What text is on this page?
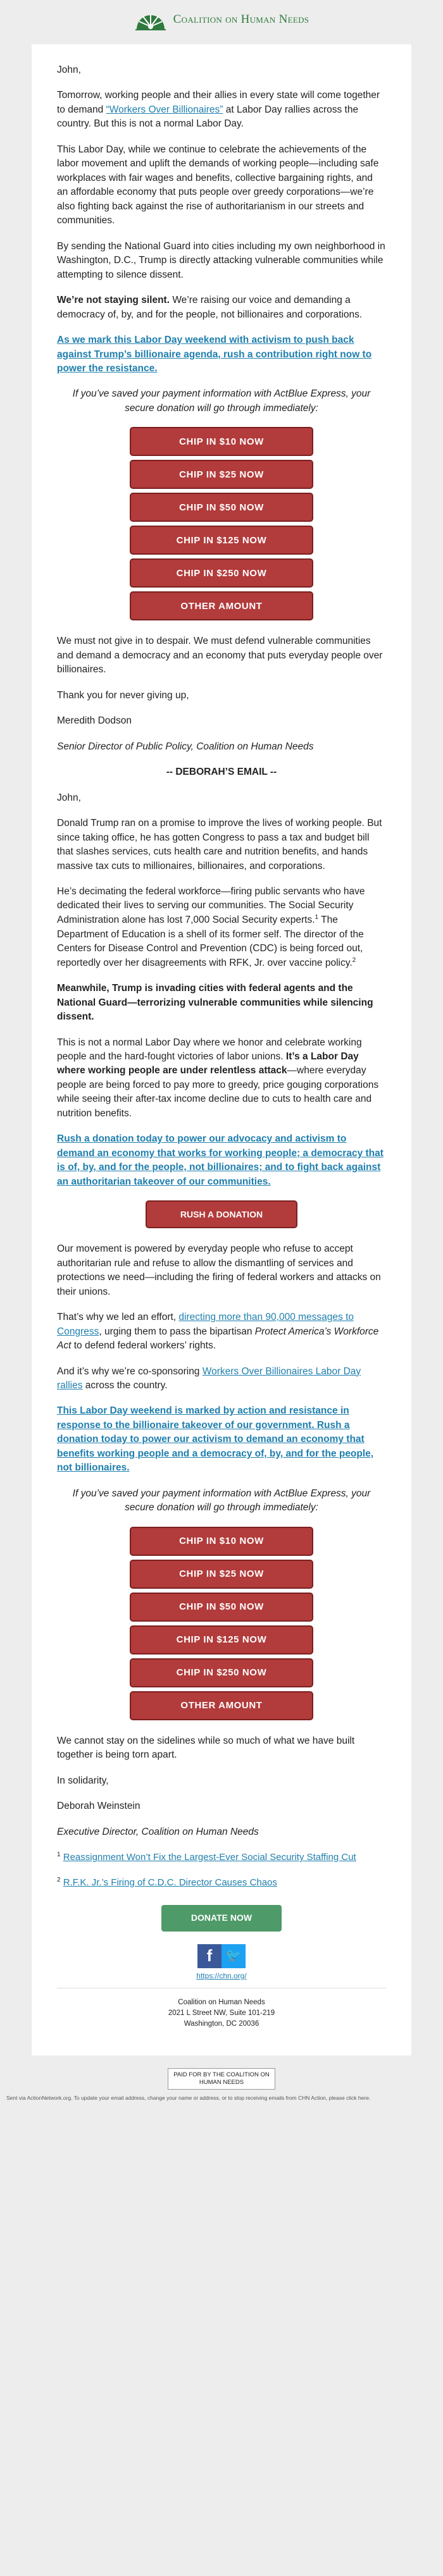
Coalition on Human Needs

John,

Tomorrow, working people and their allies in every state will come together to demand “Workers Over Billionaires” at Labor Day rallies across the country. But this is not a normal Labor Day.

This Labor Day, while we continue to celebrate the achievements of the labor movement and uplift the demands of working people—including safe workplaces with fair wages and benefits, collective bargaining rights, and an affordable economy that puts people over greedy corporations—we’re also fighting back against the rise of authoritarianism in our streets and communities.

By sending the National Guard into cities including my own neighborhood in Washington, D.C., Trump is directly attacking vulnerable communities while attempting to silence dissent.

We’re not staying silent. We’re raising our voice and demanding a democracy of, by, and for the people, not billionaires and corporations.

As we mark this Labor Day weekend with activism to push back against Trump’s billionaire agenda, rush a contribution right now to power the resistance.

If you’ve saved your payment information with ActBlue Express, your secure donation will go through immediately:

CHIP IN $10 NOW
CHIP IN $25 NOW
CHIP IN $50 NOW
CHIP IN $125 NOW
CHIP IN $250 NOW
OTHER AMOUNT

We must not give in to despair. We must defend vulnerable communities and demand a democracy and an economy that puts everyday people over billionaires.

Thank you for never giving up,

Meredith Dodson

Senior Director of Public Policy, Coalition on Human Needs

-- DEBORAH’S EMAIL --

John,

Donald Trump ran on a promise to improve the lives of working people. But since taking office, he has gotten Congress to pass a tax and budget bill that slashes services, cuts health care and nutrition benefits, and hands massive tax cuts to millionaires, billionaires, and corporations.

He’s decimating the federal workforce—firing public servants who have dedicated their lives to serving our communities. The Social Security Administration alone has lost 7,000 Social Security experts.$^1$ The Department of Education is a shell of its former self. The director of the Centers for Disease Control and Prevention (CDC) is being forced out, reportedly over her disagreements with RFK, Jr. over vaccine policy.$^2$

Meanwhile, Trump is invading cities with federal agents and the National Guard—terrorizing vulnerable communities while silencing dissent.

This is not a normal Labor Day where we honor and celebrate working people and the hard-fought victories of labor unions. It’s a Labor Day where working people are under relentless attack—where everyday people are being forced to pay more to greedy, price gouging corporations while seeing their after-tax income decline due to cuts to health care and nutrition benefits.

Rush a donation today to power our advocacy and activism to demand an economy that works for working people; a democracy that is of, by, and for the people, not billionaires; and to fight back against an authoritarian takeover of our communities.

RUSH A DONATION

Our movement is powered by everyday people who refuse to accept authoritarian rule and refuse to allow the dismantling of services and protections we need—including the firing of federal workers and attacks on their unions.

That’s why we led an effort, directing more than 90,000 messages to Congress, urging them to pass the bipartisan Protect America’s Workforce Act to defend federal workers’ rights.

And it’s why we’re co-sponsoring Workers Over Billionaires Labor Day rallies across the country.

This Labor Day weekend is marked by action and resistance in response to the billionaire takeover of our government. Rush a donation today to power our activism to demand an economy that benefits working people and a democracy of, by, and for the people, not billionaires.

If you’ve saved your payment information with ActBlue Express, your secure donation will go through immediately:

CHIP IN $10 NOW
CHIP IN $25 NOW
CHIP IN $50 NOW
CHIP IN $125 NOW
CHIP IN $250 NOW
OTHER AMOUNT

We cannot stay on the sidelines while so much of what we have built together is being torn apart.

In solidarity,

Deborah Weinstein

Executive Director, Coalition on Human Needs

$^1$ Reassignment Won’t Fix the Largest-Ever Social Security Staffing Cut

$^2$ R.F.K. Jr.’s Firing of C.D.C. Director Causes Chaos

DONATE NOW
f	🐦
https://chn.org/
Coalition on Human Needs
2021 L Street NW, Suite 101-219
Washington, DC 20036
PAID FOR BY THE COALITION ON HUMAN NEEDS
Sent via ActionNetwork.org. To update your email address, change your name or address, or to stop receiving emails from CHN Action, please click here.
